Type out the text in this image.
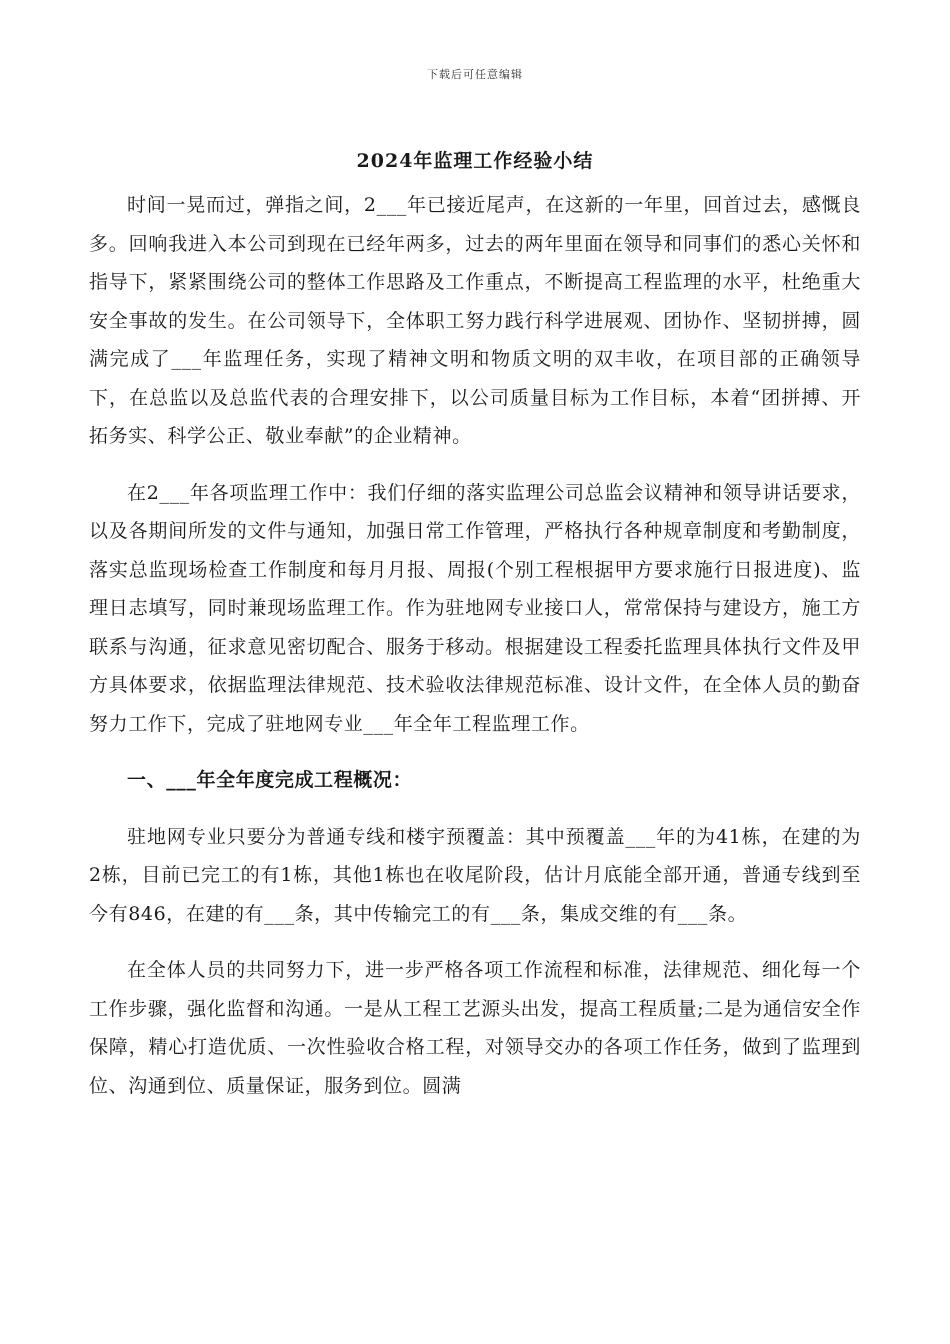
下载后可任意编辑
2024年监理工作经验小结

时间一晃而过，弹指之间，2___年已接近尾声，在这新的一年里，回首过去，感慨良多。回响我进入本公司到现在已经年两多，过去的两年里面在领导和同事们的悉心关怀和指导下，紧紧围绕公司的整体工作思路及工作重点，不断提高工程监理的水平，杜绝重大安全事故的发生。在公司领导下，全体职工努力践行科学进展观、团协作、坚韧拼搏，圆满完成了___年监理任务，实现了精神文明和物质文明的双丰收，在项目部的正确领导下，在总监以及总监代表的合理安排下，以公司质量目标为工作目标，本着“团拼搏、开拓务实、科学公正、敬业奉献”的企业精神。

在2___年各项监理工作中：我们仔细的落实监理公司总监会议精神和领导讲话要求，以及各期间所发的文件与通知，加强日常工作管理，严格执行各种规章制度和考勤制度，落实总监现场检查工作制度和每月月报、周报(个别工程根据甲方要求施行日报进度)、监理日志填写，同时兼现场监理工作。作为驻地网专业接口人，常常保持与建设方，施工方联系与沟通，征求意见密切配合、服务于移动。根据建设工程委托监理具体执行文件及甲方具体要求，依据监理法律规范、技术验收法律规范标准、设计文件，在全体人员的勤奋努力工作下，完成了驻地网专业___年全年工程监理工作。

一、___年全年度完成工程概况：

驻地网专业只要分为普通专线和楼宇预覆盖：其中预覆盖___年的为41栋，在建的为2栋，目前已完工的有1栋，其他1栋也在收尾阶段，估计月底能全部开通，普通专线到至今有846，在建的有___条，其中传输完工的有___条，集成交维的有___条。

在全体人员的共同努力下，进一步严格各项工作流程和标准，法律规范、细化每一个工作步骤，强化监督和沟通。一是从工程工艺源头出发，提高工程质量;二是为通信安全作保障，精心打造优质、一次性验收合格工程，对领导交办的各项工作任务，做到了监理到位、沟通到位、质量保证，服务到位。圆满
